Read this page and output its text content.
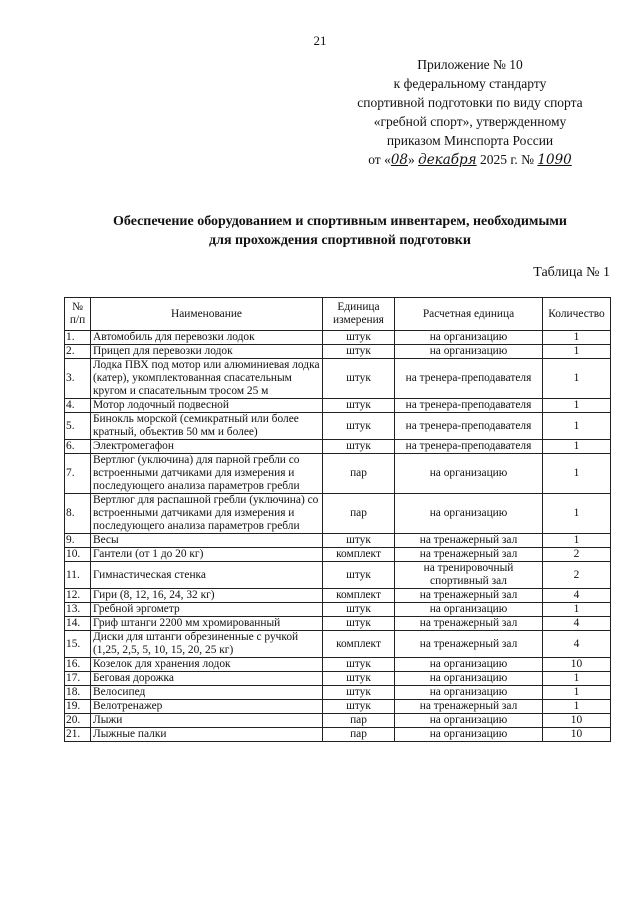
21
Приложение № 10
к федеральному стандарту
спортивной подготовки по виду спорта
«гребной спорт», утвержденному
приказом Минспорта России
от «08» декабря 2025 г. № 1090
Обеспечение оборудованием и спортивным инвентарем, необходимыми
для прохождения спортивной подготовки
Таблица № 1
№ п/п	Наименование	Единица измерения	Расчетная единица	Количество
1.	Автомобиль для перевозки лодок	штук	на организацию	1
2.	Прицеп для перевозки лодок	штук	на организацию	1
3.	Лодка ПВХ под мотор или алюминиевая лодка (катер), укомплектованная спасательным кругом и спасательным тросом 25 м	штук	на тренера-преподавателя	1
4.	Мотор лодочный подвесной	штук	на тренера-преподавателя	1
5.	Бинокль морской (семикратный или более кратный, объектив 50 мм и более)	штук	на тренера-преподавателя	1
6.	Электромегафон	штук	на тренера-преподавателя	1
7.	Вертлюг (уключина) для парной гребли со встроенными датчиками для измерения и последующего анализа параметров гребли	пар	на организацию	1
8.	Вертлюг для распашной гребли (уключина) со встроенными датчиками для измерения и последующего анализа параметров гребли	пар	на организацию	1
9.	Весы	штук	на тренажерный зал	1
10.	Гантели (от 1 до 20 кг)	комплект	на тренажерный зал	2
11.	Гимнастическая стенка	штук	на тренировочный спортивный зал	2
12.	Гири (8, 12, 16, 24, 32 кг)	комплект	на тренажерный зал	4
13.	Гребной эргометр	штук	на организацию	1
14.	Гриф штанги 2200 мм хромированный	штук	на тренажерный зал	4
15.	Диски для штанги обрезиненные с ручкой (1,25, 2,5, 5, 10, 15, 20, 25 кг)	комплект	на тренажерный зал	4
16.	Козелок для хранения лодок	штук	на организацию	10
17.	Беговая дорожка	штук	на организацию	1
18.	Велосипед	штук	на организацию	1
19.	Велотренажер	штук	на тренажерный зал	1
20.	Лыжи	пар	на организацию	10
21.	Лыжные палки	пар	на организацию	10
